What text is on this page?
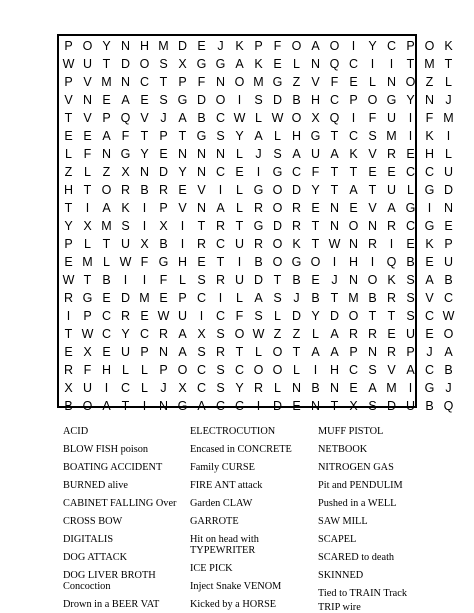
P O Y N H M D E J K P F O A O I	Y C P O K
W U T D O S X G G A K E L N Q C	I	I	T M T
P V M N C T P F N O M G Z V F E L N O Z L
V N E A E S G D O I	S D B H C P O G Y N J
T V P Q V J A B C W L W O X Q I	F U	I	F M
E E A F T P T G S Y A L H G T C S M I	K	I
L F N G Y E N N N L J S A U A K V R E H L
Z L Z X N D Y N C E	I G C F T T E E C C U
H T O R B R E V	I	L G O D Y T A T U L G D
T	I	A K	I	P V N A L R O R E N E V A G I	N
Y X M S	I	X	I	T R T G D R T N O N R C G E
P L T U X B	I	R C U R O K T W N R	I	E K P
E M L W F G H E T	I	B O G O I	H	I Q B E U
W T B	I	I	F L S R U D T B E J N O K S A B
R G E D M E P C	I	L A S J B T M B R S V C
I	P C R E W U	I	C F S L D Y D O T T S C W
T W C Y C R A X S O W Z Z L A R R E U E O
E X E U P N A S R T L O T A A P N R P J A
R F H L L P O C S C O O L	I	H C S V A C B
X U	I	C L J X C S Y R L N B N E A M I G J
B O A T	I	N G A C C	I	D E N T X S D U B Q
ACID
BLOW FISH poison
BOATING ACCIDENT
BURNED alive
CABINET FALLING Over
CROSS BOW
DIGITALIS
DOG ATTACK
DOG LIVER BROTH
Concoction
Drown in a BEER VAT
ELECTROCUTION
Encased in CONCRETE
Family CURSE
FIRE ANT attack
Garden CLAW
GARROTE
Hit on head with
TYPEWRITER
ICE PICK
Inject Snake VENOM
Kicked by a HORSE
MUFF PISTOL
NETBOOK
NITROGEN GAS
Pit and PENDULIM
Pushed in a WELL
SAW MILL
SCAPEL
SCARED to death
SKINNED
Tied to TRAIN Track
TRIP wire
